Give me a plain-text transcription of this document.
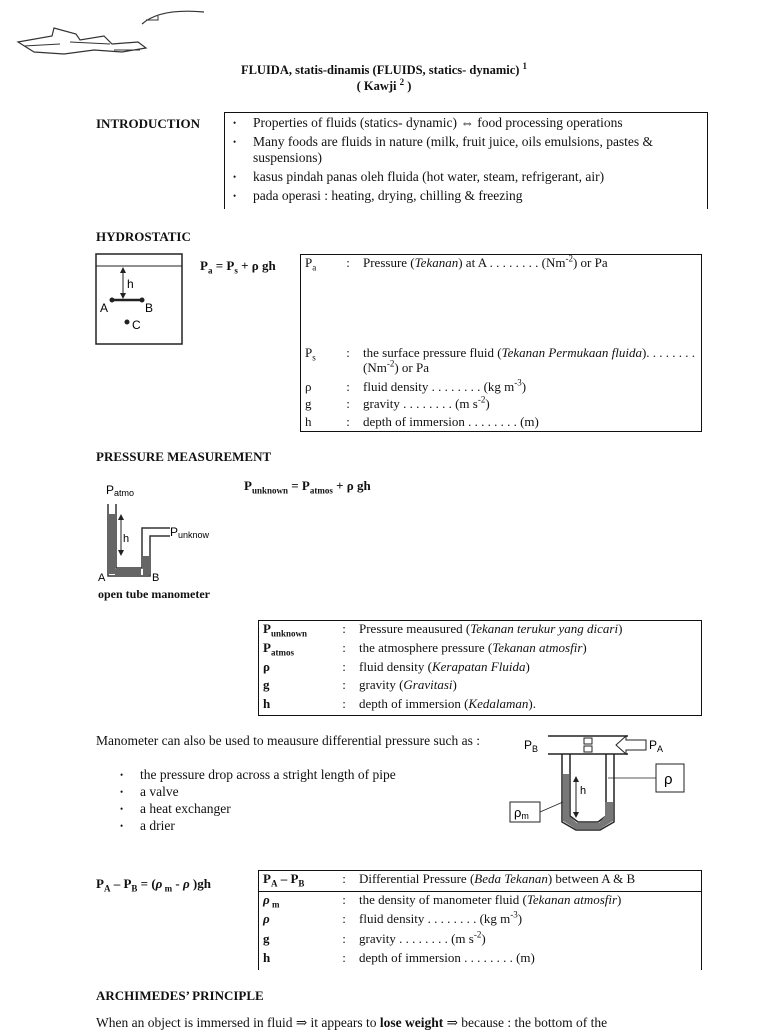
FLUIDA, statis-dinamis (FLUIDS, statics- dynamic) $^1$
( Kawji $^2$ )
INTRODUCTION	• Properties of fluids (statics- dynamic) ⇔ food processing operations
• Many foods are fluids in nature (milk, fruit juice, oils emulsions, pastes & suspensions)
• kasus pindah panas oleh fluida (hot water, steam, refrigerant, air)
• pada operasi : heating, drying, chilling & freezing
HYDROSTATIC
h
A	B
C
$P_a = P_s + \rho$ gh $P_a$	:	Pressure (Tekanan) at A . . . . . . . . $(Nm^{-2})$ or Pa
$P_s$	:	the surface pressure fluid (Tekanan Permukaan fluida). . . . . . . . $(Nm^{-2})$ or Pa
ρ	:	fluid density . . . . . . . . (kg $m^{-3}$)
g	:	gravity . . . . . . . . (m $s^{-2}$)
h	:	depth of immersion . . . . . . . . (m)
PRESSURE MEASUREMENT
$P_{unknown} = P_{atmos} + \rho$ gh
Patmo
h	Punknow
A	B
open tube manometer
$P_{unknown}$	:	Pressure meausured (Tekanan terukur yang dicari)
$P_{atmos}$	:	the atmosphere pressure (Tekanan atmosfir)
ρ	:	fluid density (Kerapatan Fluida)
g	:	gravity (Gravitasi)
h	:	depth of immersion (Kedalaman).
Manometer can also be used to meausure differential pressure such as :
• the pressure drop across a stright length of pipe
• a valve
• a heat exchanger
• a drier
$P_B$	$P_A$
h
ρ
ρm
$P_A - P_B = (\rho$ $_m$ - ρ )gh	$P_A - P_B$	:	Differential Pressure (Beda Tekanan) between A & B
ρ $_m$	:	the density of manometer fluid (Tekanan atmosfir)
ρ	:	fluid density . . . . . . . . (kg $m^{-3}$)
g	:	gravity . . . . . . . . (m $s^{-2}$)
h	:	depth of immersion . . . . . . . . (m)
ARCHIMEDES’ PRINCIPLE
When an object is immersed in fluid ⇒ it appears to lose weight ⇒ because : the bottom of the
